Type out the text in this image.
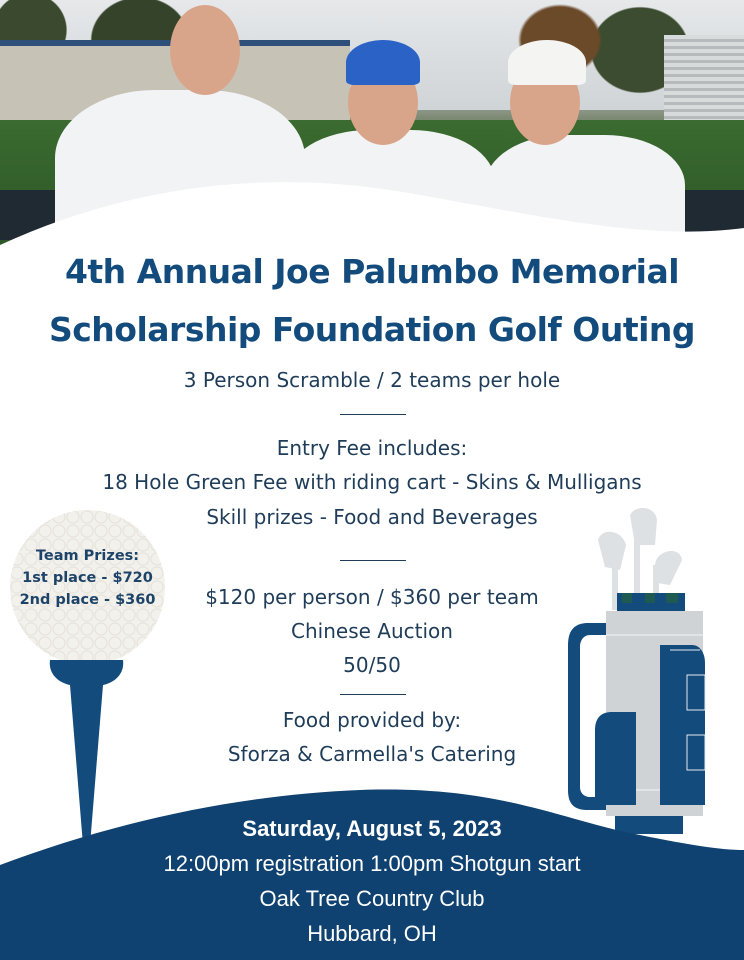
4th Annual Joe Palumbo Memorial
Scholarship Foundation Golf Outing
3 Person Scramble / 2 teams per hole
Entry Fee includes:
18 Hole Green Fee with riding cart - Skins & Mulligans
Skill prizes - Food and Beverages
$120 per person / $360 per team
Chinese Auction
50/50
Food provided by:
Sforza & Carmella's Catering
Team Prizes:
1st place - $720
2nd place - $360
Saturday, August 5, 2023
12:00pm registration 1:00pm Shotgun start
Oak Tree Country Club
Hubbard, OH
